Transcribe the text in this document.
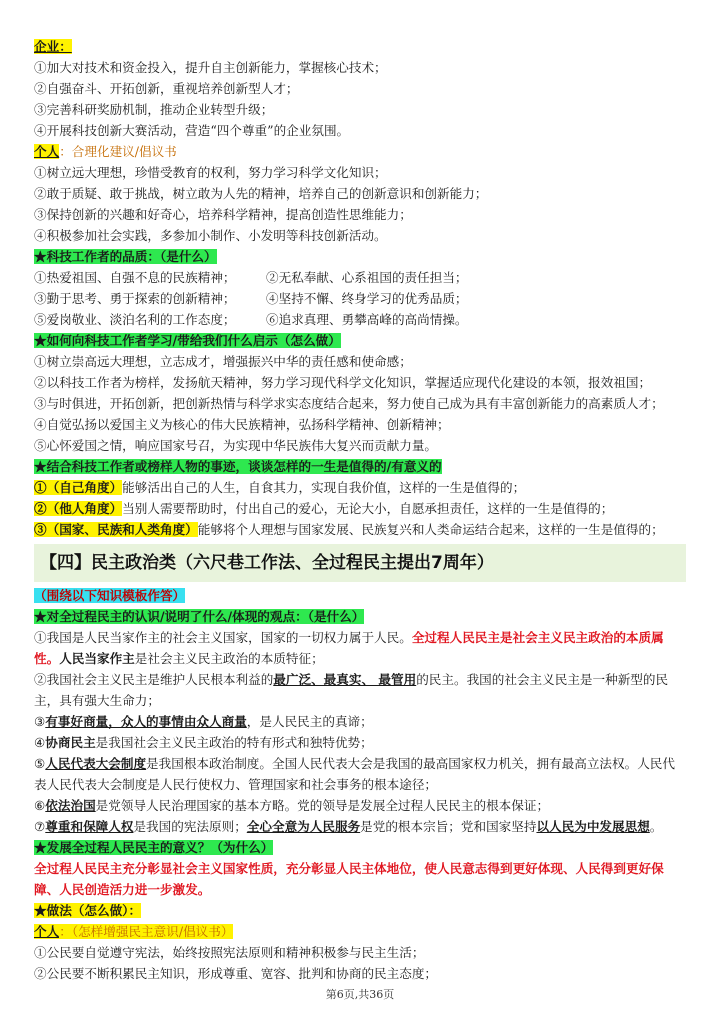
企业：
①加大对技术和资金投入，提升自主创新能力，掌握核心技术；
②自强奋斗、开拓创新，重视培养创新型人才；
③完善科研奖励机制，推动企业转型升级；
④开展科技创新大赛活动，营造“四个尊重”的企业氛围。
个人：合理化建议/倡议书
①树立远大理想，珍惜受教育的权利，努力学习科学文化知识；
②敢于质疑、敢于挑战，树立敢为人先的精神，培养自己的创新意识和创新能力；
③保持创新的兴趣和好奇心，培养科学精神，提高创造性思维能力；
④积极参加社会实践，多参加小制作、小发明等科技创新活动。
★科技工作者的品质：（是什么）
①热爱祖国、自强不息的民族精神； ②无私奉献、心系祖国的责任担当；
③勤于思考、勇于探索的创新精神； ④坚持不懈、终身学习的优秀品质；
⑤爱岗敬业、淡泊名利的工作态度； ⑥追求真理、勇攀高峰的高尚情操。
★如何向科技工作者学习/带给我们什么启示（怎么做）
①树立崇高远大理想，立志成才，增强振兴中华的责任感和使命感；
②以科技工作者为榜样，发扬航天精神，努力学习现代科学文化知识，掌握适应现代化建设的本领，报效祖国；
③与时俱进，开拓创新，把创新热情与科学求实态度结合起来，努力使自己成为具有丰富创新能力的高素质人才；
④自觉弘扬以爱国主义为核心的伟大民族精神，弘扬科学精神、创新精神；
⑤心怀爱国之情，响应国家号召，为实现中华民族伟大复兴而贡献力量。
★结合科技工作者或榜样人物的事迹，谈谈怎样的一生是值得的/有意义的
①（自己角度）能够活出自己的人生，自食其力，实现自我价值，这样的一生是值得的；
②（他人角度）当别人需要帮助时，付出自己的爱心，无论大小，自愿承担责任，这样的一生是值得的；
③（国家、民族和人类角度）能够将个人理想与国家发展、民族复兴和人类命运结合起来，这样的一生是值得的；
【四】民主政治类（六尺巷工作法、全过程民主提出7周年）
（围绕以下知识模板作答）
★对全过程民主的认识/说明了什么/体现的观点：（是什么）
①我国是人民当家作主的社会主义国家，国家的一切权力属于人民。全过程人民民主是社会主义民主政治的本质属性。人民当家作主是社会主义民主政治的本质特征；
②我国社会主义民主是维护人民根本利益的最广泛、最真实、 最管用的民主。我国的社会主义民主是一种新型的民主，具有强大生命力；
③有事好商量，众人的事情由众人商量，是人民民主的真谛；
④协商民主是我国社会主义民主政治的特有形式和独特优势；
⑤人民代表大会制度是我国根本政治制度。全国人民代表大会是我国的最高国家权力机关，拥有最高立法权。人民代表人民代表大会制度是人民行使权力、管理国家和社会事务的根本途径；
⑥依法治国是党领导人民治理国家的基本方略。党的领导是发展全过程人民民主的根本保证；
⑦尊重和保障人权是我国的宪法原则；全心全意为人民服务是党的根本宗旨；党和国家坚持以人民为中发展思想。
★发展全过程人民民主的意义？（为什么）
全过程人民民主充分彰显社会主义国家性质，充分彰显人民主体地位，使人民意志得到更好体现、人民得到更好保障、人民创造活力进一步激发。
★做法（怎么做）：
个人：（怎样增强民主意识/倡议书）
①公民要自觉遵守宪法，始终按照宪法原则和精神积极参与民主生活；
②公民要不断积累民主知识，形成尊重、宽容、批判和协商的民主态度；
第6页,共36页
